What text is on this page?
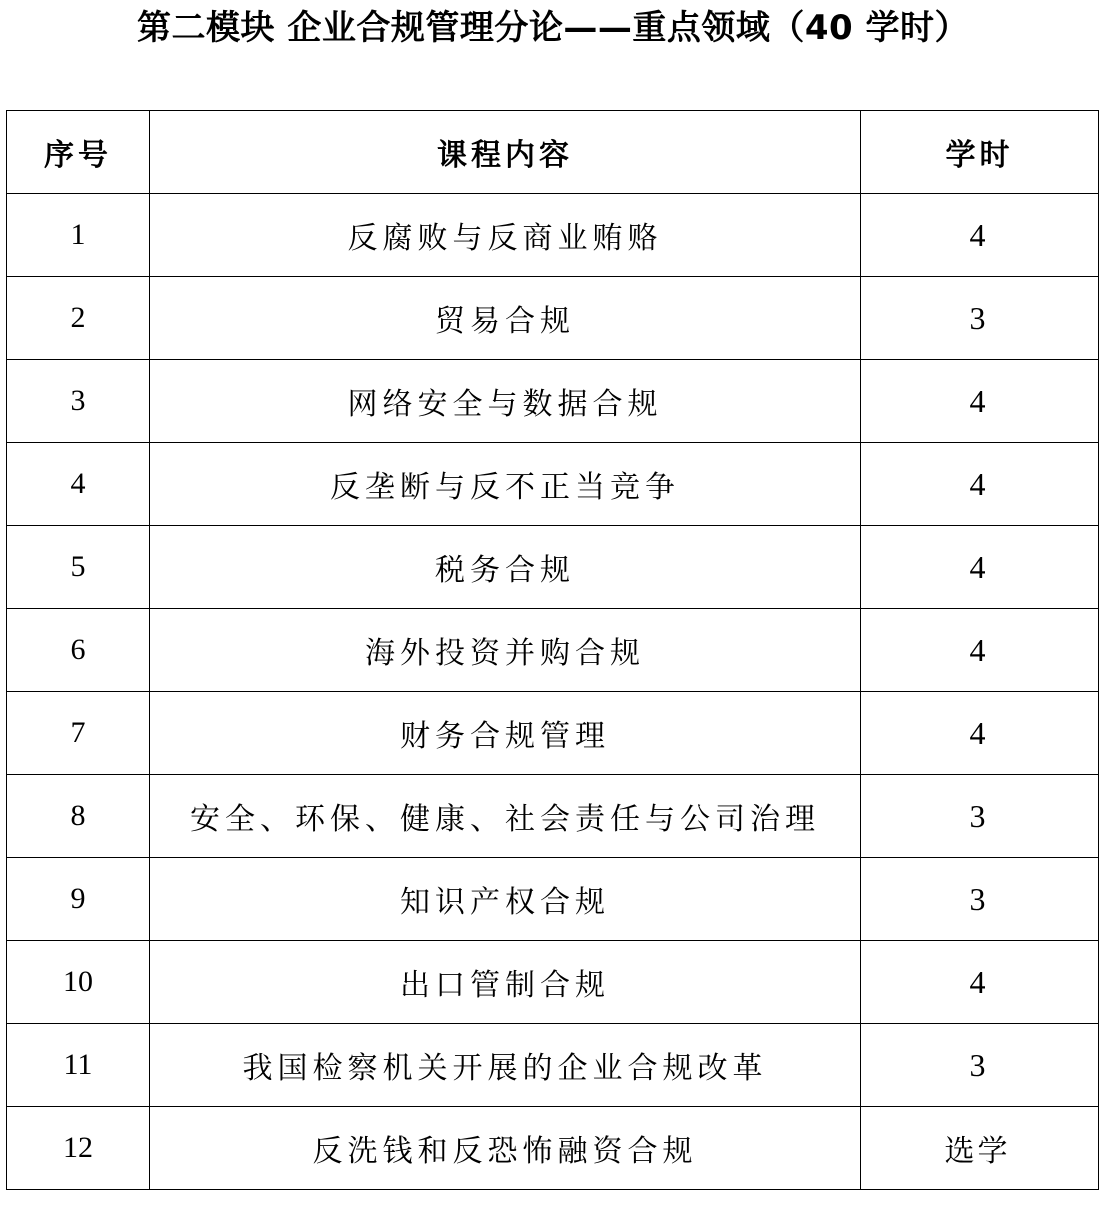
第二模块 企业合规管理分论——重点领域（40 学时）
序号	课程内容	学时
1	反腐败与反商业贿赂	4
2	贸易合规	3
3	网络安全与数据合规	4
4	反垄断与反不正当竞争	4
5	税务合规	4
6	海外投资并购合规	4
7	财务合规管理	4
8	安全、环保、健康、社会责任与公司治理	3
9	知识产权合规	3
10	出口管制合规	4
11	我国检察机关开展的企业合规改革	3
12	反洗钱和反恐怖融资合规	选学
